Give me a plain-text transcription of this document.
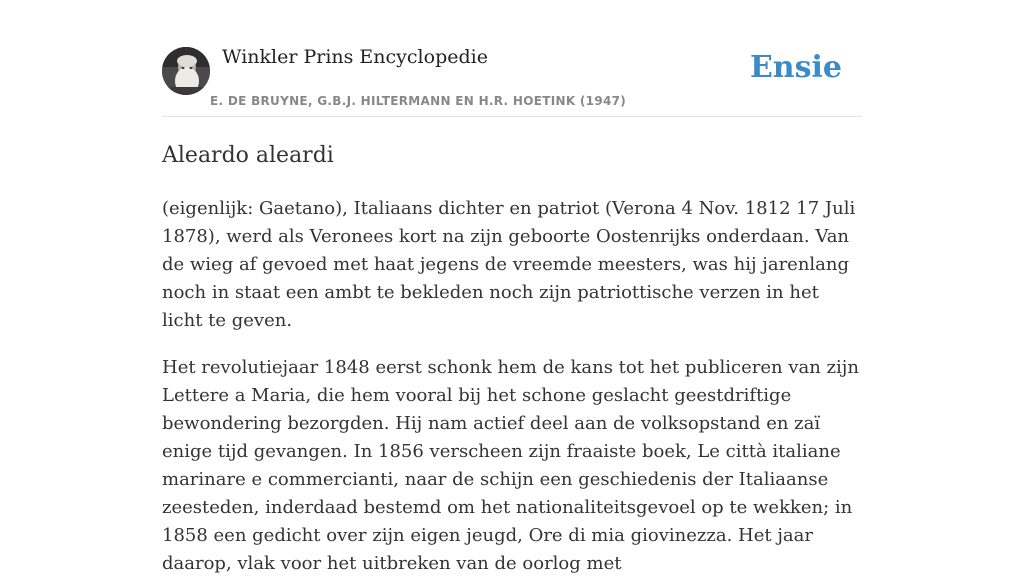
Winkler Prins Encyclopedie
E. DE BRUYNE, G.B.J. HILTERMANN EN H.R. HOETINK (1947)
Ensie
Aleardo aleardi

(eigenlijk: Gaetano), Italiaans dichter en patriot (Verona 4 Nov. 1812 17 Juli 1878), werd als Veronees kort na zijn geboorte Oostenrijks onderdaan. Van de wieg af gevoed met haat jegens de vreemde meesters, was hij jarenlang noch in staat een ambt te bekleden noch zijn patriottische verzen in het licht te geven.

Het revolutiejaar 1848 eerst schonk hem de kans tot het publiceren van zijn Lettere a Maria, die hem vooral bij het schone geslacht geestdriftige bewondering bezorgden. Hij nam actief deel aan de volksopstand en zaï enige tijd gevangen. In 1856 verscheen zijn fraaiste boek, Le città italiane marinare e commercianti, naar de schijn een geschiedenis der Italiaanse zeesteden, inderdaad bestemd om het nationaliteitsgevoel op te wekken; in 1858 een gedicht over zijn eigen jeugd, Ore di mia giovinezza. Het jaar daarop, vlak voor het uitbreken van de oorlog met
